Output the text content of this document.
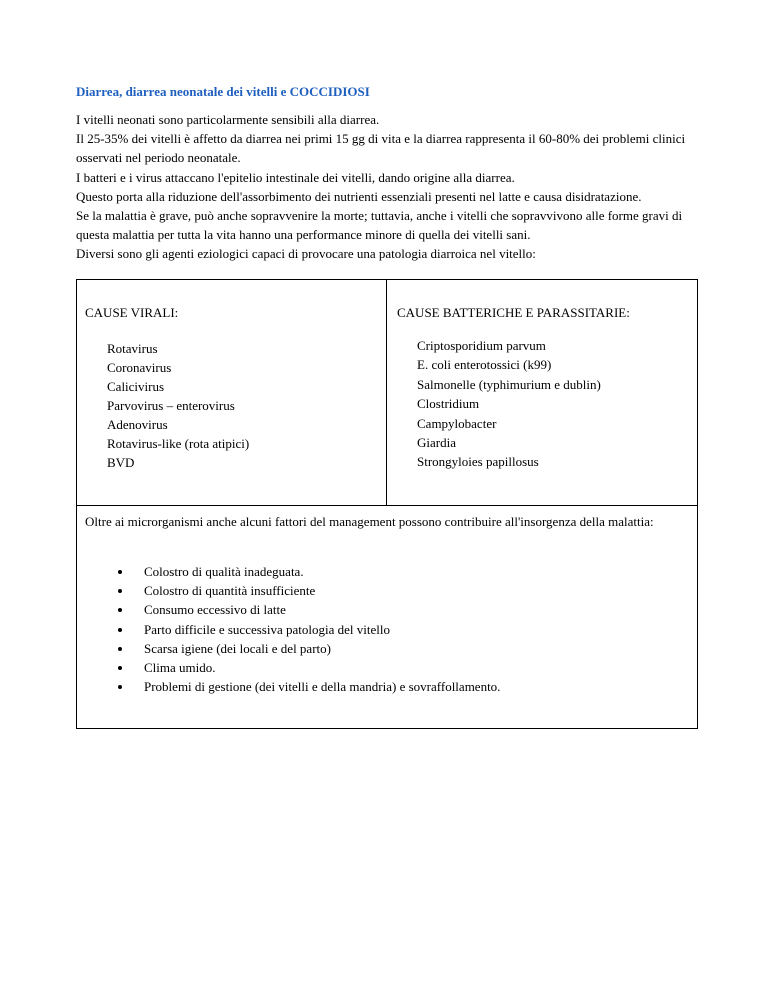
Diarrea, diarrea neonatale dei vitelli e COCCIDIOSI

I vitelli neonati sono particolarmente sensibili alla diarrea.

Il 25-35% dei vitelli è affetto da diarrea nei primi 15 gg di vita e la diarrea rappresenta il 60-80% dei problemi clinici osservati nel periodo neonatale.

I batteri e i virus attaccano l'epitelio intestinale dei vitelli, dando origine alla diarrea.

Questo porta alla riduzione dell'assorbimento dei nutrienti essenziali presenti nel latte e causa disidratazione.

Se la malattia è grave, può anche sopravvenire la morte; tuttavia, anche i vitelli che sopravvivono alle forme gravi di questa malattia per tutta la vita hanno una performance minore di quella dei vitelli sani.

Diversi sono gli agenti eziologici capaci di provocare una patologia diarroica nel vitello:

CAUSE VIRALI:

Rotavirus
Coronavirus
Calicivirus
Parvovirus – enterovirus
Adenovirus
Rotavirus-like (rota atipici)
BVD

CAUSE BATTERICHE E PARASSITARIE:

Criptosporidium parvum
E. coli enterotossici (k99)
Salmonelle (typhimurium e dublin)
Clostridium
Campylobacter
Giardia
Strongyloies papillosus

Oltre ai microrganismi anche alcuni fattori del management possono contribuire all'insorgenza della malattia:

Colostro di qualità inadeguata.
Colostro di quantità insufficiente
Consumo eccessivo di latte
Parto difficile e successiva patologia del vitello
Scarsa igiene (dei locali e del parto)
Clima umido.
Problemi di gestione (dei vitelli e della mandria) e sovraffollamento.
